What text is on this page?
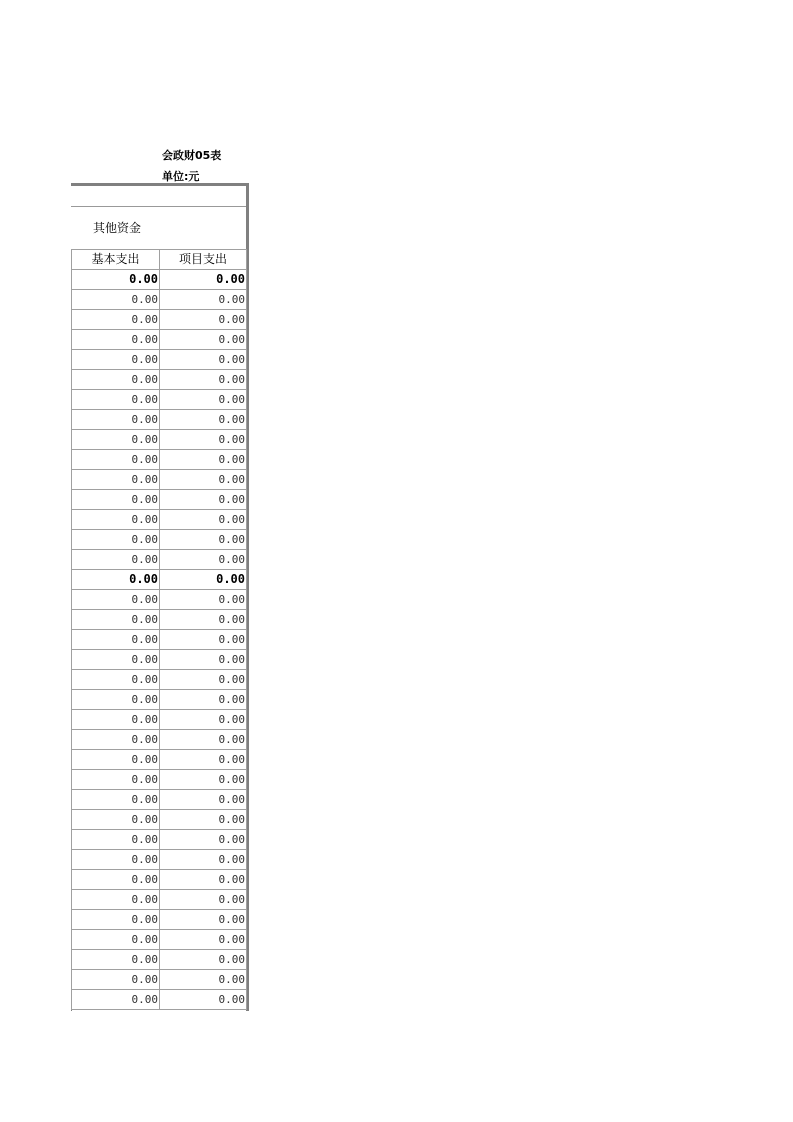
会政财05表
单位:元
其他资金
基本支出	项目支出
0.00	0.00
0.00	0.00
0.00	0.00
0.00	0.00
0.00	0.00
0.00	0.00
0.00	0.00
0.00	0.00
0.00	0.00
0.00	0.00
0.00	0.00
0.00	0.00
0.00	0.00
0.00	0.00
0.00	0.00
0.00	0.00
0.00	0.00
0.00	0.00
0.00	0.00
0.00	0.00
0.00	0.00
0.00	0.00
0.00	0.00
0.00	0.00
0.00	0.00
0.00	0.00
0.00	0.00
0.00	0.00
0.00	0.00
0.00	0.00
0.00	0.00
0.00	0.00
0.00	0.00
0.00	0.00
0.00	0.00
0.00	0.00
0.00	0.00
